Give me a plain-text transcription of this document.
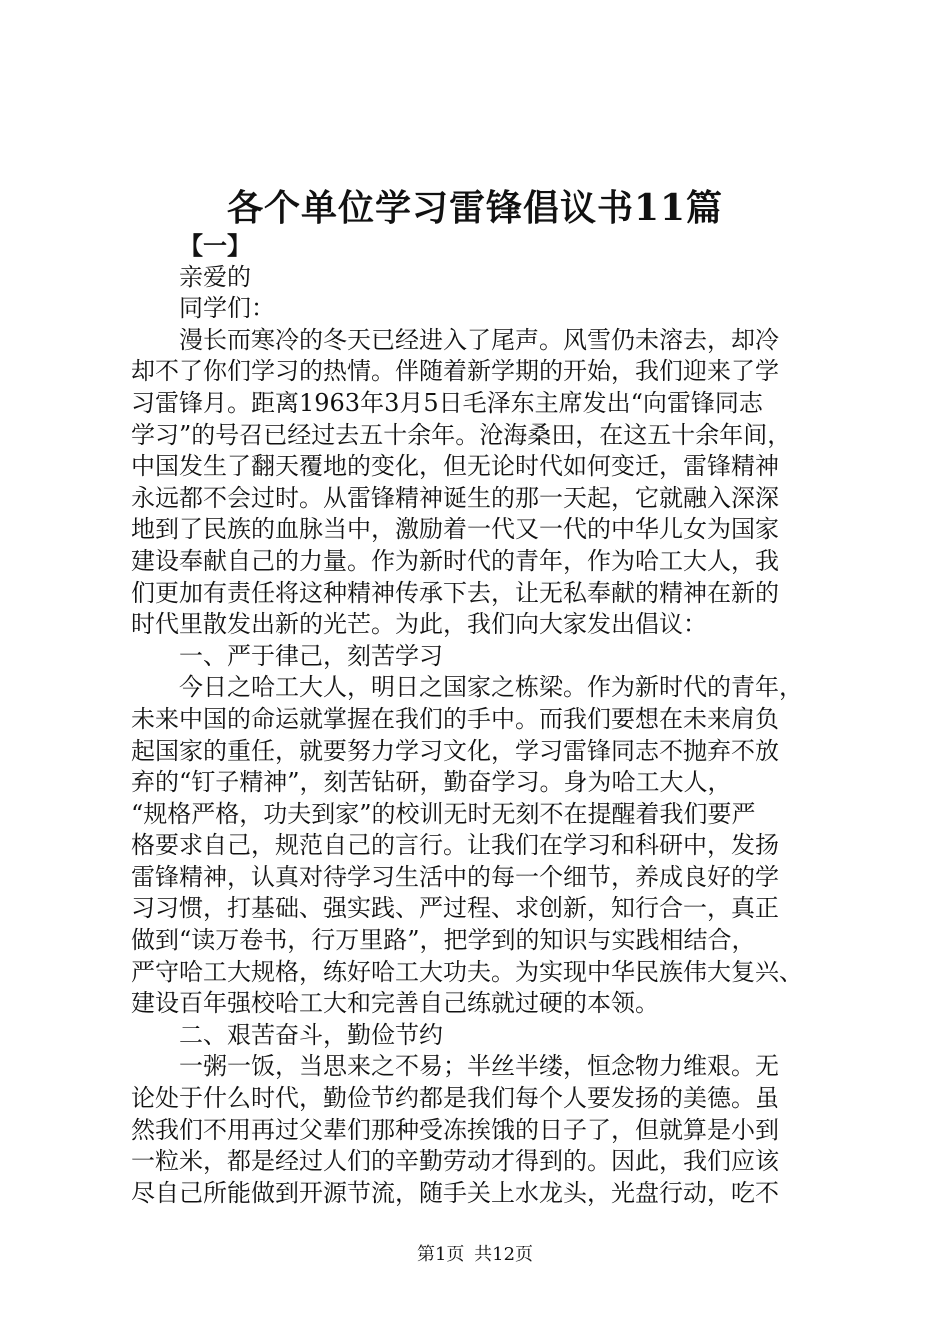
各个单位学习雷锋倡议书11篇
【一】
亲爱的
同学们：
漫长而寒冷的冬天已经进入了尾声。风雪仍未溶去，却冷
却不了你们学习的热情。伴随着新学期的开始，我们迎来了学
习雷锋月。距离1963年3月5日毛泽东主席发出“向雷锋同志
学习”的号召已经过去五十余年。沧海桑田，在这五十余年间，
中国发生了翻天覆地的变化，但无论时代如何变迁，雷锋精神
永远都不会过时。从雷锋精神诞生的那一天起，它就融入深深
地到了民族的血脉当中，激励着一代又一代的中华儿女为国家
建设奉献自己的力量。作为新时代的青年，作为哈工大人，我
们更加有责任将这种精神传承下去，让无私奉献的精神在新的
时代里散发出新的光芒。为此，我们向大家发出倡议：
一、严于律己，刻苦学习
今日之哈工大人，明日之国家之栋梁。作为新时代的青年，
未来中国的命运就掌握在我们的手中。而我们要想在未来肩负
起国家的重任，就要努力学习文化，学习雷锋同志不抛弃不放
弃的“钉子精神”，刻苦钻研，勤奋学习。身为哈工大人，
“规格严格，功夫到家”的校训无时无刻不在提醒着我们要严
格要求自己，规范自己的言行。让我们在学习和科研中，发扬
雷锋精神，认真对待学习生活中的每一个细节，养成良好的学
习习惯，打基础、强实践、严过程、求创新，知行合一，真正
做到“读万卷书，行万里路”，把学到的知识与实践相结合，
严守哈工大规格，练好哈工大功夫。为实现中华民族伟大复兴、
建设百年强校哈工大和完善自己练就过硬的本领。
二、艰苦奋斗，勤俭节约
一粥一饭，当思来之不易；半丝半缕，恒念物力维艰。无
论处于什么时代，勤俭节约都是我们每个人要发扬的美德。虽
然我们不用再过父辈们那种受冻挨饿的日子了，但就算是小到
一粒米，都是经过人们的辛勤劳动才得到的。因此，我们应该
尽自己所能做到开源节流，随手关上水龙头，光盘行动，吃不
第1页 共12页
